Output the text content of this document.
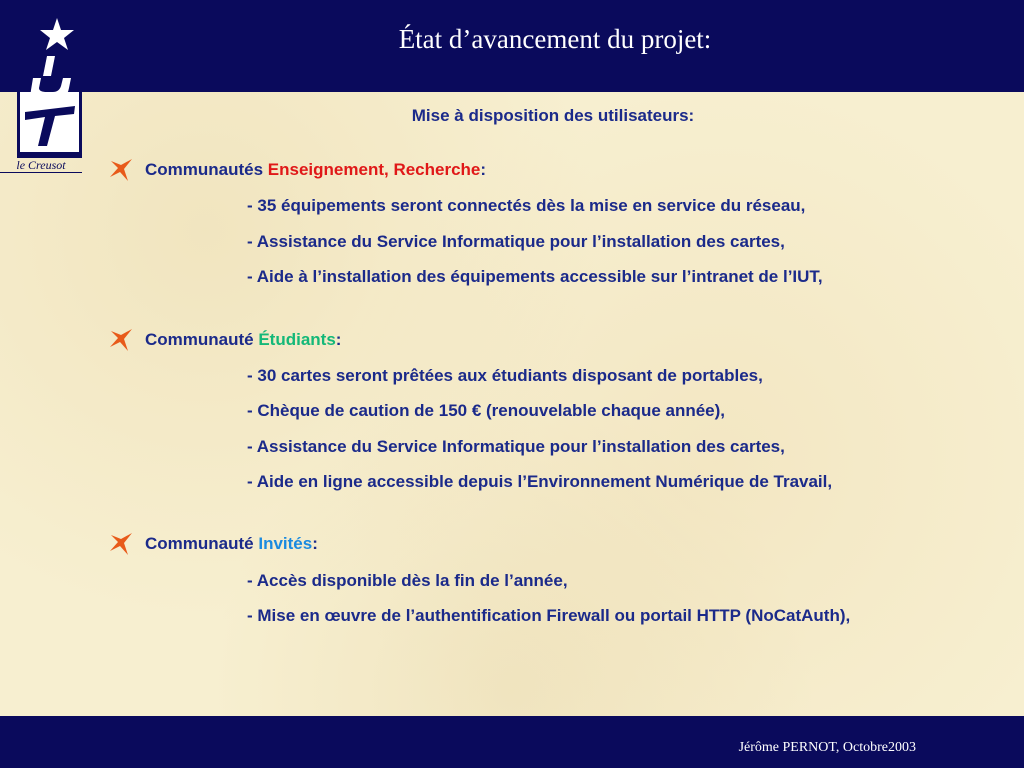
État d’avancement du projet:
le Creusot
Mise à disposition des utilisateurs:
Communautés Enseignement, Recherche:
- 35 équipements seront connectés dès la mise en service du réseau,
- Assistance du Service Informatique pour l’installation des cartes,
- Aide à l’installation des équipements accessible sur l’intranet de l’IUT,
Communauté Étudiants:
- 30 cartes seront prêtées aux étudiants disposant de portables,
- Chèque de caution de 150 € (renouvelable chaque année),
- Assistance du Service Informatique pour l’installation des cartes,
- Aide en ligne accessible depuis l’Environnement Numérique de Travail,
Communauté Invités:
- Accès disponible dès la fin de l’année,
- Mise en œuvre de l’authentification Firewall ou portail HTTP (NoCatAuth),
Jérôme PERNOT, Octobre2003
